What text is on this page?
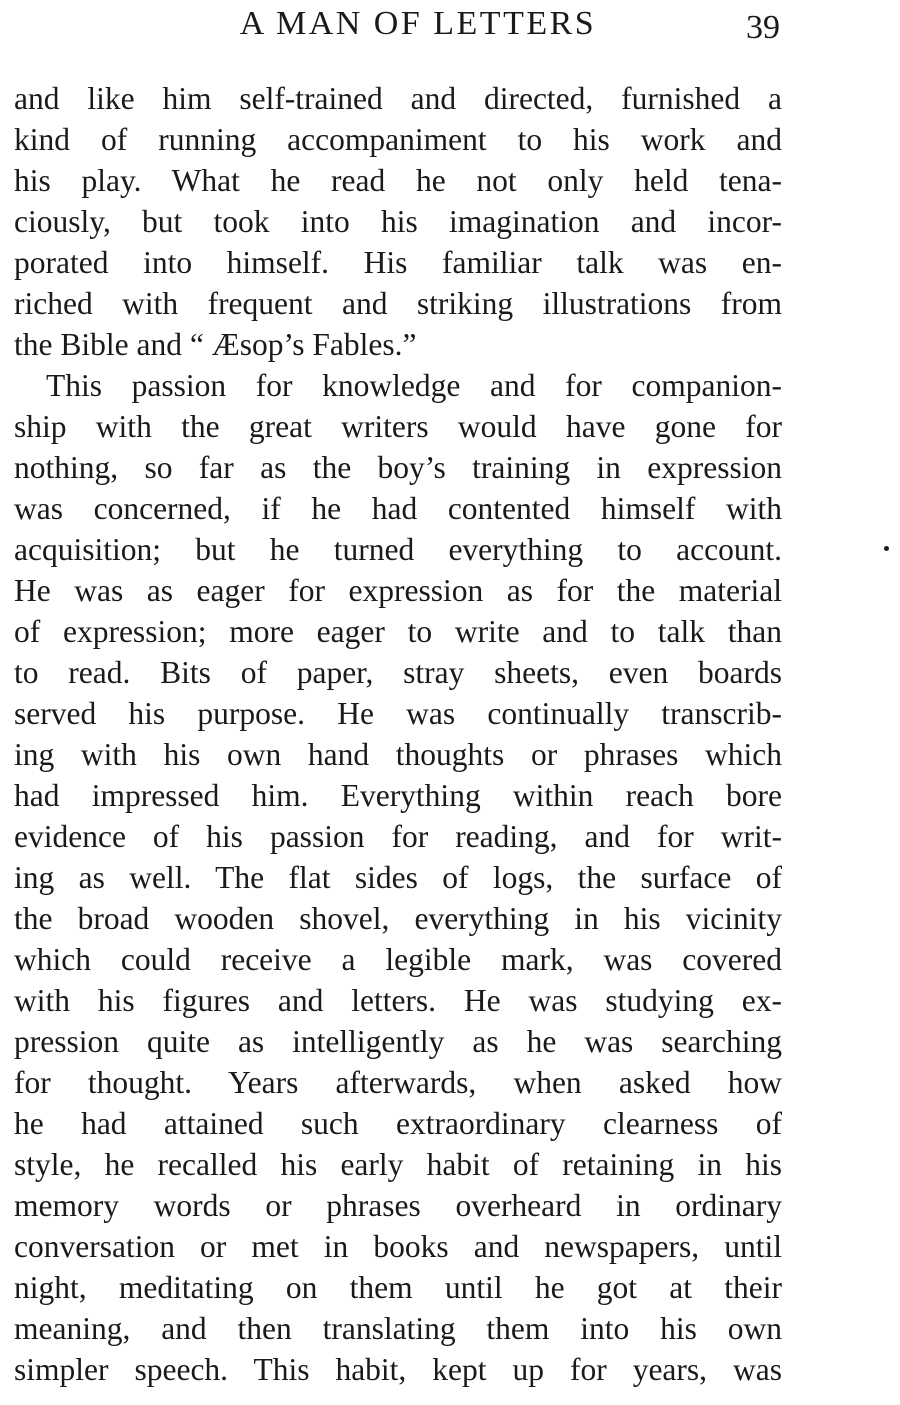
A MAN OF LETTERS	39

and like him self-trained and directed, furnished a
kind of running accompaniment to his work and
his play. What he read he not only held tena-
ciously, but took into his imagination and incor-
porated into himself. His familiar talk was en-
riched with frequent and striking illustrations from
the Bible and “ Æsop’s Fables.”

This passion for knowledge and for companion-
ship with the great writers would have gone for
nothing, so far as the boy’s training in expression
was concerned, if he had contented himself with
acquisition; but he turned everything to account.
He was as eager for expression as for the material
of expression; more eager to write and to talk than
to read. Bits of paper, stray sheets, even boards
served his purpose. He was continually transcrib-
ing with his own hand thoughts or phrases which
had impressed him. Everything within reach bore
evidence of his passion for reading, and for writ-
ing as well. The flat sides of logs, the surface of
the broad wooden shovel, everything in his vicinity
which could receive a legible mark, was covered
with his figures and letters. He was studying ex-
pression quite as intelligently as he was searching
for thought. Years afterwards, when asked how
he had attained such extraordinary clearness of
style, he recalled his early habit of retaining in his
memory words or phrases overheard in ordinary
conversation or met in books and newspapers, until
night, meditating on them until he got at their
meaning, and then translating them into his own
simpler speech. This habit, kept up for years, was
